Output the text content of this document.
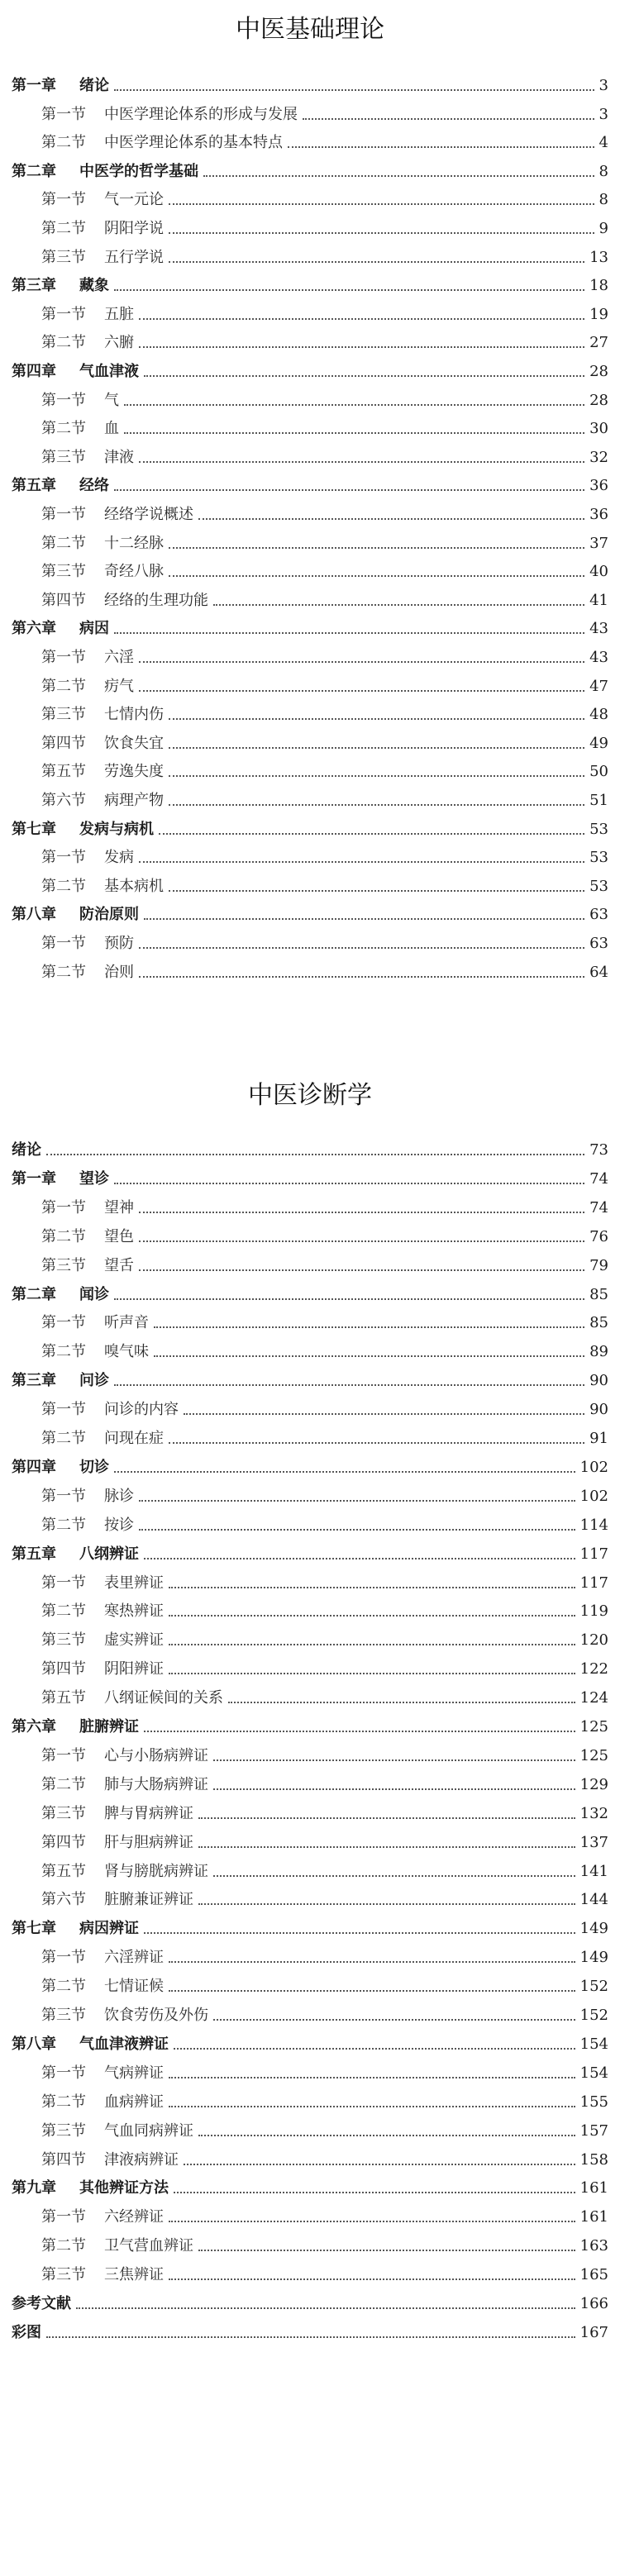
中医基础理论
第一章 绪论	3
第一节 中医学理论体系的形成与发展	3
第二节 中医学理论体系的基本特点	4
第二章 中医学的哲学基础	8
第一节 气一元论	8
第二节 阴阳学说	9
第三节 五行学说	13
第三章 藏象	18
第一节 五脏	19
第二节 六腑	27
第四章 气血津液	28
第一节 气	28
第二节 血	30
第三节 津液	32
第五章 经络	36
第一节 经络学说概述	36
第二节 十二经脉	37
第三节 奇经八脉	40
第四节 经络的生理功能	41
第六章 病因	43
第一节 六淫	43
第二节 疠气	47
第三节 七情内伤	48
第四节 饮食失宜	49
第五节 劳逸失度	50
第六节 病理产物	51
第七章 发病与病机	53
第一节 发病	53
第二节 基本病机	53
第八章 防治原则	63
第一节 预防	63
第二节 治则	64
中医诊断学
绪论	73
第一章 望诊	74
第一节 望神	74
第二节 望色	76
第三节 望舌	79
第二章 闻诊	85
第一节 听声音	85
第二节 嗅气味	89
第三章 问诊	90
第一节 问诊的内容	90
第二节 问现在症	91
第四章 切诊	102
第一节 脉诊	102
第二节 按诊	114
第五章 八纲辨证	117
第一节 表里辨证	117
第二节 寒热辨证	119
第三节 虚实辨证	120
第四节 阴阳辨证	122
第五节 八纲证候间的关系	124
第六章 脏腑辨证	125
第一节 心与小肠病辨证	125
第二节 肺与大肠病辨证	129
第三节 脾与胃病辨证	132
第四节 肝与胆病辨证	137
第五节 肾与膀胱病辨证	141
第六节 脏腑兼证辨证	144
第七章 病因辨证	149
第一节 六淫辨证	149
第二节 七情证候	152
第三节 饮食劳伤及外伤	152
第八章 气血津液辨证	154
第一节 气病辨证	154
第二节 血病辨证	155
第三节 气血同病辨证	157
第四节 津液病辨证	158
第九章 其他辨证方法	161
第一节 六经辨证	161
第二节 卫气营血辨证	163
第三节 三焦辨证	165
参考文献	166
彩图	167
